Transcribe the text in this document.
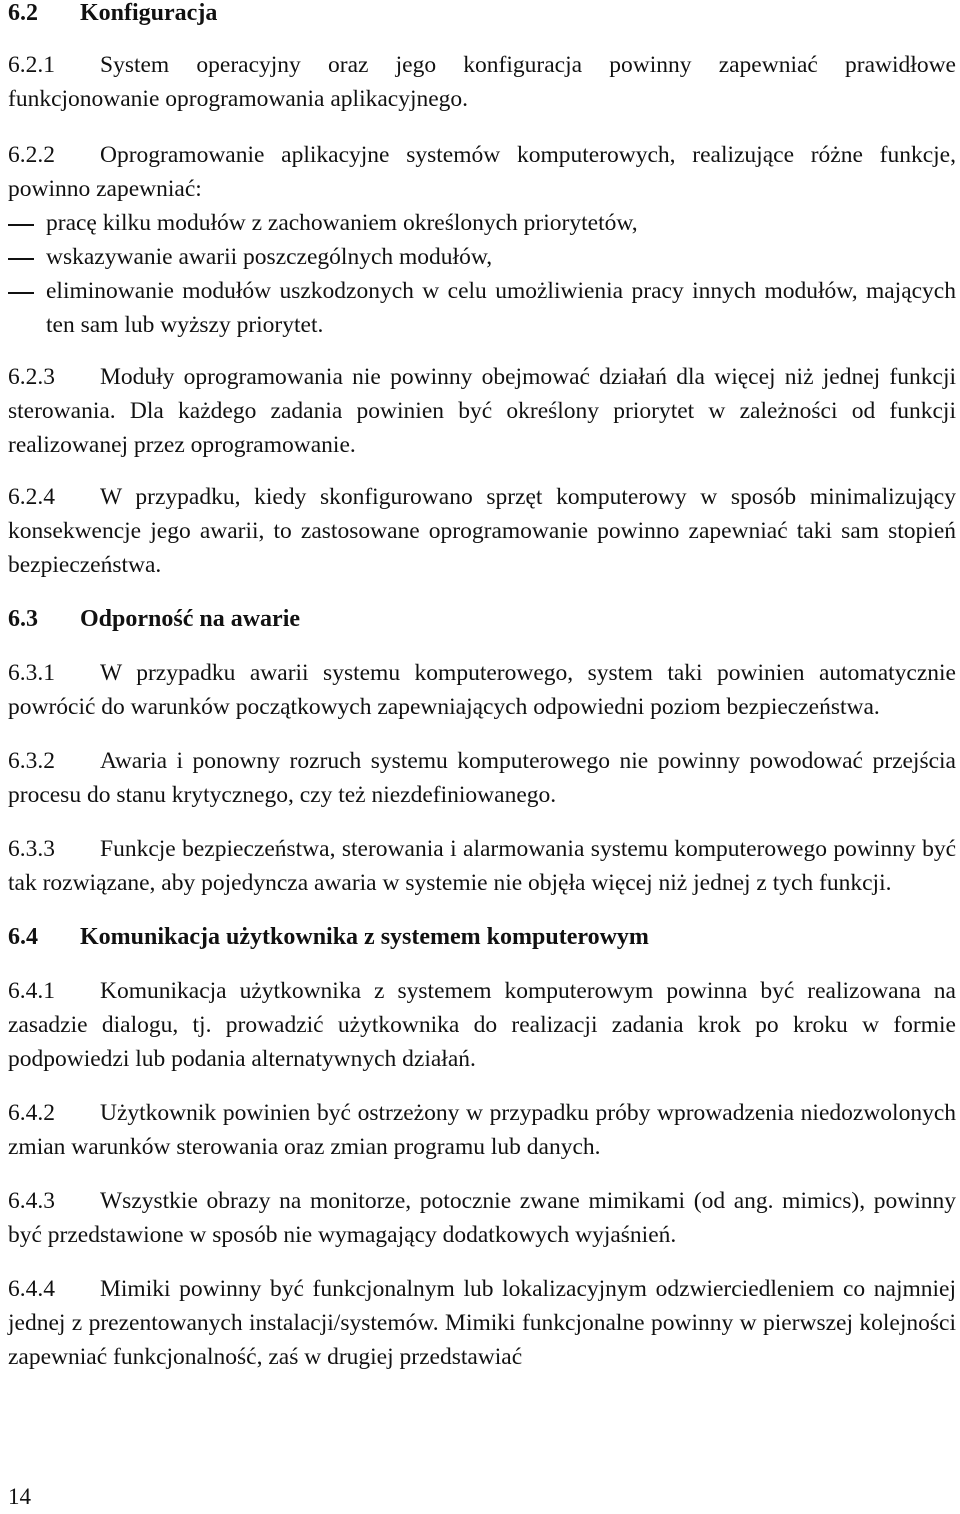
6.2	Konfiguracja

6.2.1 System operacyjny oraz jego konfiguracja powinny zapewniać prawidłowe funkcjonowanie oprogramowania aplikacyjnego.

6.2.2 Oprogramowanie aplikacyjne systemów komputerowych, realizujące różne funkcje, powinno zapewniać:

pracę kilku modułów z zachowaniem określonych priorytetów,
wskazywanie awarii poszczególnych modułów,
eliminowanie modułów uszkodzonych w celu umożliwienia pracy innych modułów, mających ten sam lub wyższy priorytet.

6.2.3 Moduły oprogramowania nie powinny obejmować działań dla więcej niż jednej funkcji sterowania. Dla każdego zadania powinien być określony priorytet w zależności od funkcji realizowanej przez oprogramowanie.

6.2.4 W przypadku, kiedy skonfigurowano sprzęt komputerowy w sposób minimalizujący konsekwencje jego awarii, to zastosowane oprogramowanie powinno zapewniać taki sam stopień bezpieczeństwa.

6.3	Odporność na awarie

6.3.1 W przypadku awarii systemu komputerowego, system taki powinien automatycznie powrócić do warunków początkowych zapewniających odpowiedni poziom bezpieczeństwa.

6.3.2 Awaria i ponowny rozruch systemu komputerowego nie powinny powodować przejścia procesu do stanu krytycznego, czy też niezdefiniowanego.

6.3.3 Funkcje bezpieczeństwa, sterowania i alarmowania systemu komputerowego powinny być tak rozwiązane, aby pojedyncza awaria w systemie nie objęła więcej niż jednej z tych funkcji.

6.4	Komunikacja użytkownika z systemem komputerowym

6.4.1 Komunikacja użytkownika z systemem komputerowym powinna być realizowana na zasadzie dialogu, tj. prowadzić użytkownika do realizacji zadania krok po kroku w formie podpowiedzi lub podania alternatywnych działań.

6.4.2 Użytkownik powinien być ostrzeżony w przypadku próby wprowadzenia niedozwolonych zmian warunków sterowania oraz zmian programu lub danych.

6.4.3 Wszystkie obrazy na monitorze, potocznie zwane mimikami (od ang. mimics), powinny być przedstawione w sposób nie wymagający dodatkowych wyjaśnień.

6.4.4 Mimiki powinny być funkcjonalnym lub lokalizacyjnym odzwierciedleniem co najmniej jednej z prezentowanych instalacji/systemów. Mimiki funkcjonalne powinny w pierwszej kolejności zapewniać funkcjonalność, zaś w drugiej przedstawiać

14
